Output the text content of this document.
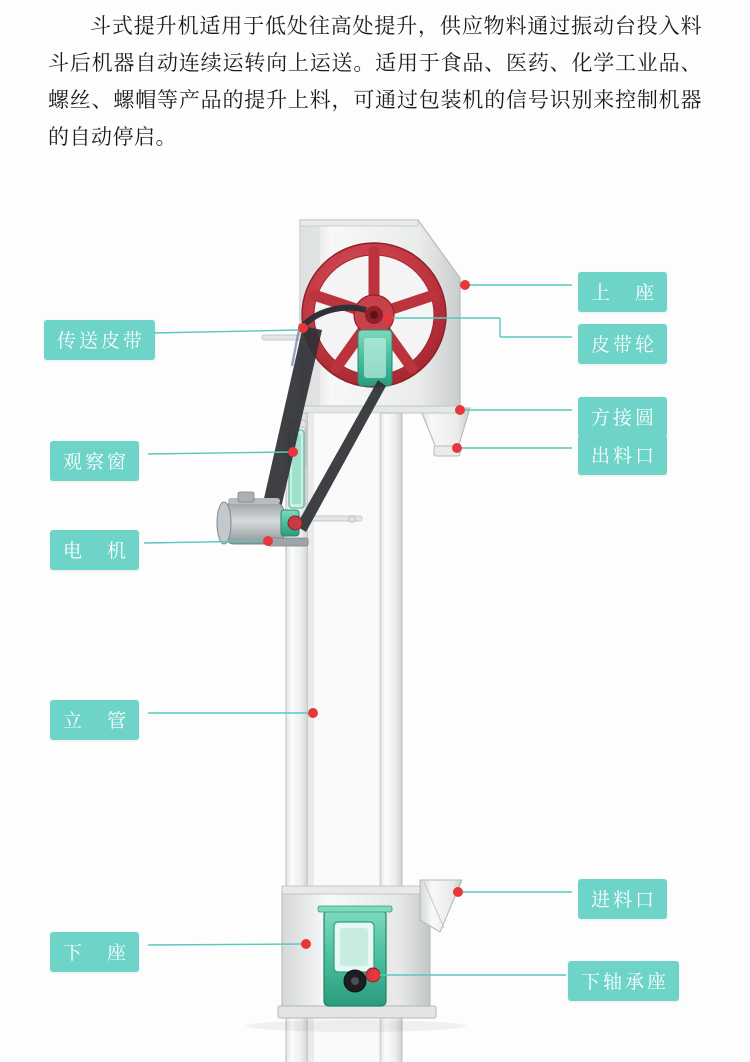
斗式提升机适用于低处往高处提升，供应物料通过振动台投入料斗后机器自动连续运转向上运送。适用于食品、医药、化学工业品、螺丝、螺帽等产品的提升上料，可通过包装机的信号识别来控制机器的自动停启。
上　座
皮带轮
传送皮带
方接圆
出料口
观察窗
电　机
立　管
进料口
下　座
下轴承座
